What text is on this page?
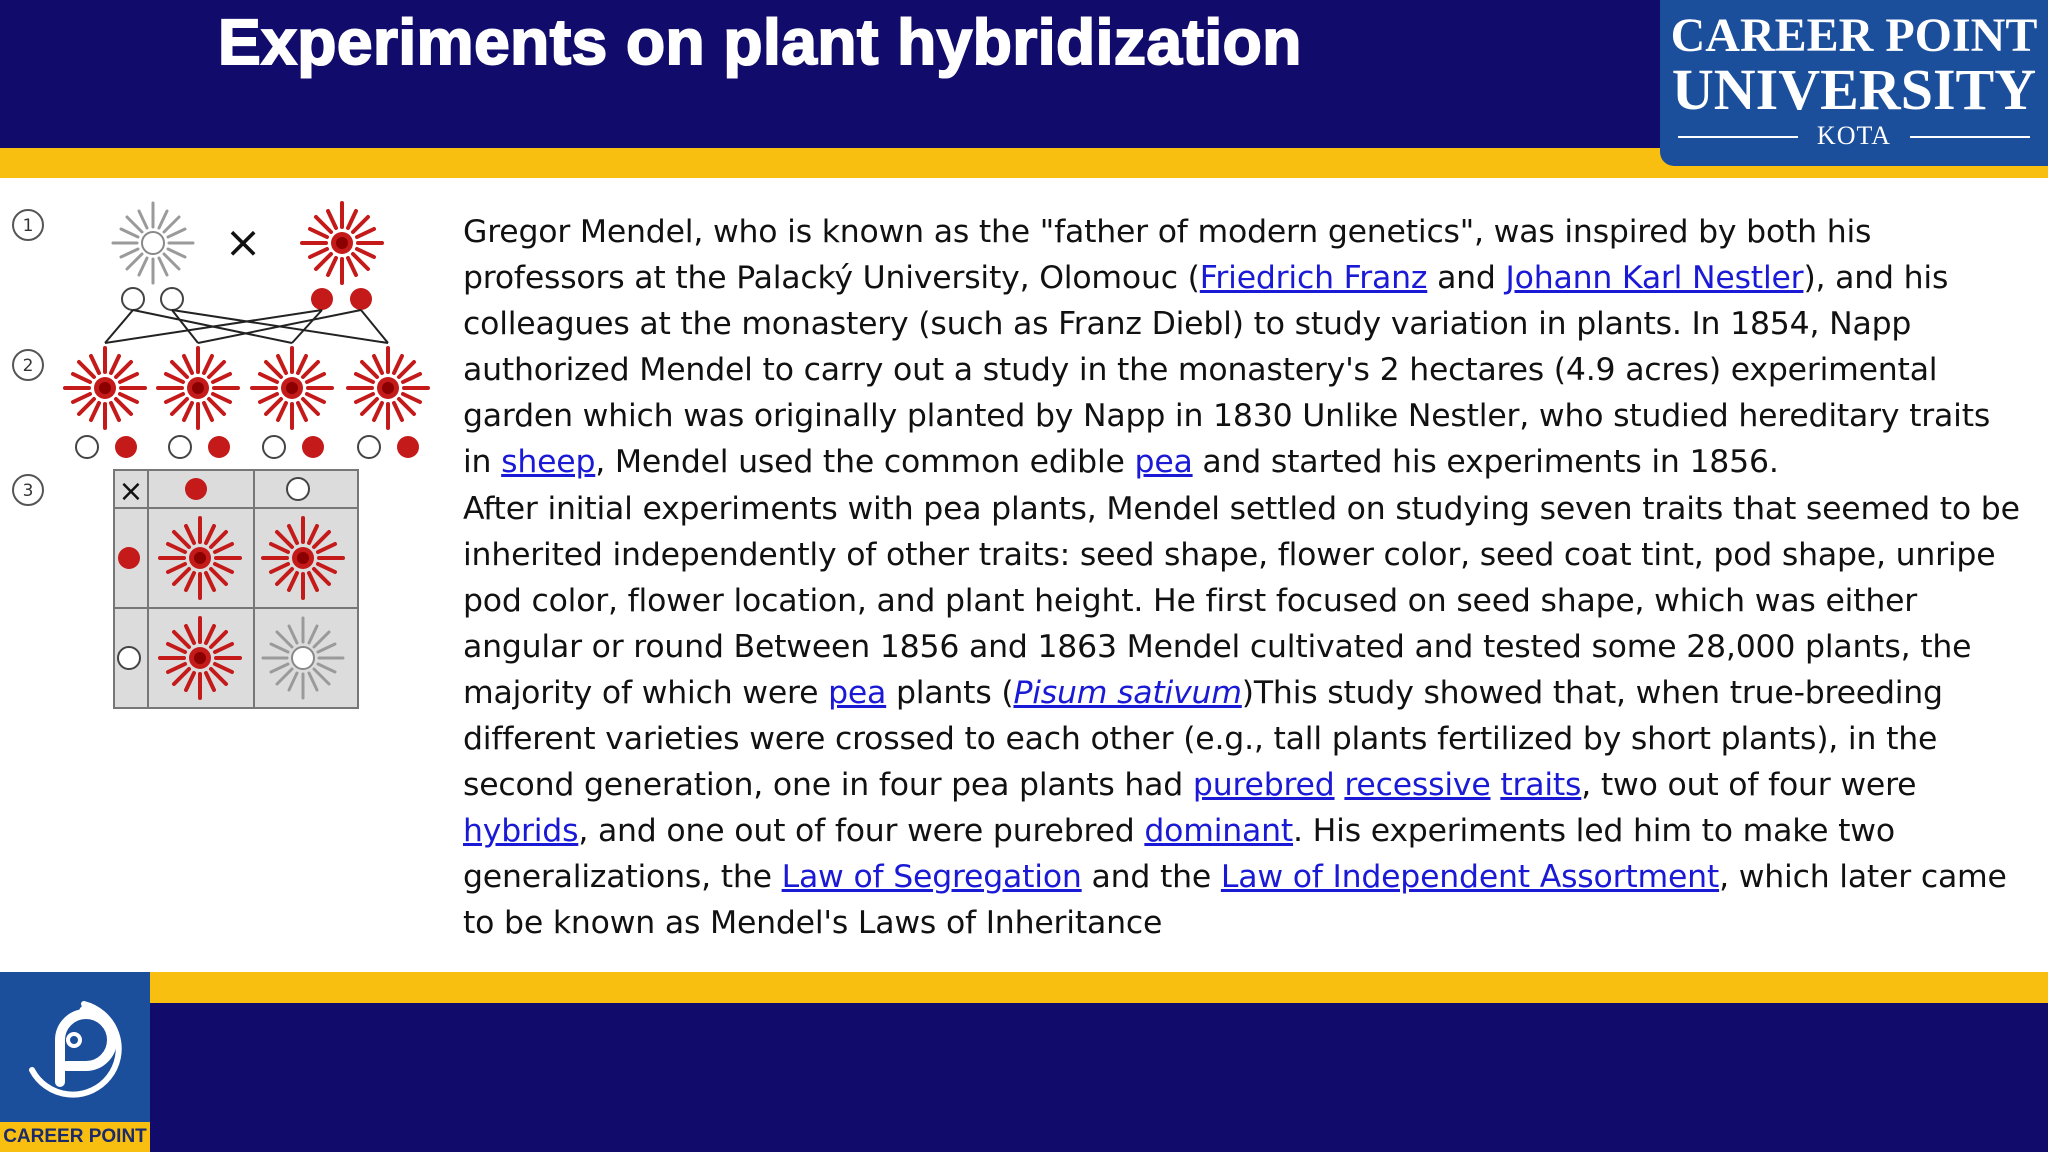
Experiments on plant hybridization	CAREER POINT
UNIVERSITY
KOTA
1
2
3
×
×

Gregor Mendel, who is known as the "father of modern genetics", was inspired by both his professors at the Palacký University, Olomouc (Friedrich Franz and Johann Karl Nestler), and his colleagues at the monastery (such as Franz Diebl) to study variation in plants. In 1854, Napp authorized Mendel to carry out a study in the monastery's 2 hectares (4.9 acres) experimental garden which was originally planted by Napp in 1830 Unlike Nestler, who studied hereditary traits in sheep, Mendel used the common edible pea and started his experiments in 1856.

After initial experiments with pea plants, Mendel settled on studying seven traits that seemed to be inherited independently of other traits: seed shape, flower color, seed coat tint, pod shape, unripe pod color, flower location, and plant height. He first focused on seed shape, which was either angular or round Between 1856 and 1863 Mendel cultivated and tested some 28,000 plants, the majority of which were pea plants (Pisum sativum)This study showed that, when true-breeding different varieties were crossed to each other (e.g., tall plants fertilized by short plants), in the second generation, one in four pea plants had purebred recessive traits, two out of four were hybrids, and one out of four were purebred dominant. His experiments led him to make two generalizations, the Law of Segregation and the Law of Independent Assortment, which later came to be known as Mendel's Laws of Inheritance

CAREER POINT
